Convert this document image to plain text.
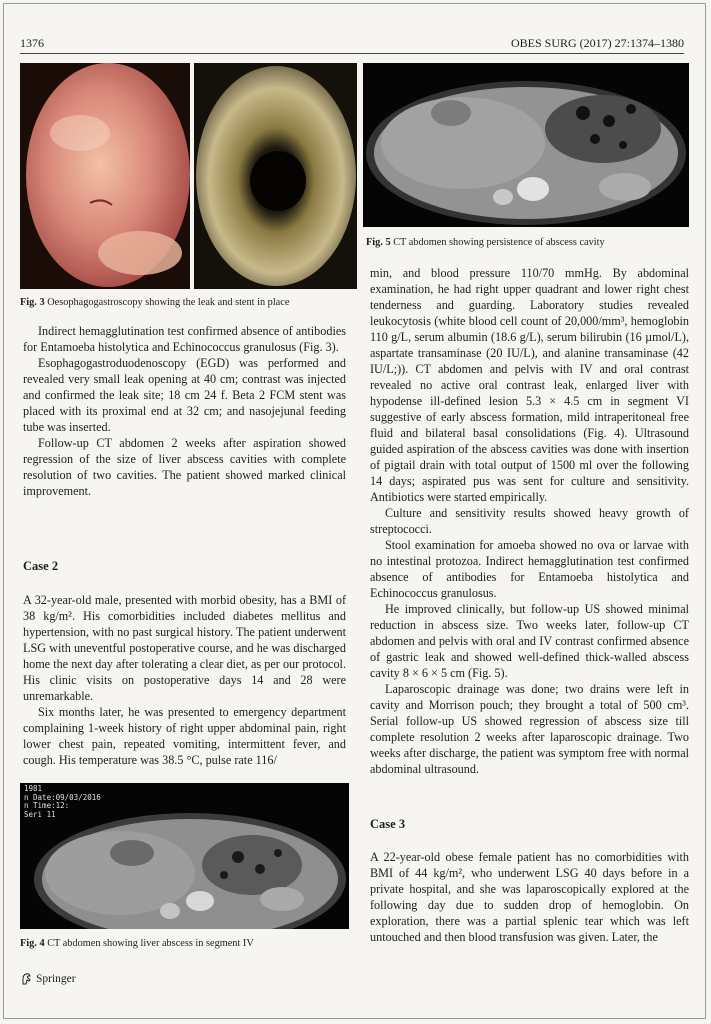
1376	OBES SURG (2017) 27:1374–1380
Fig. 3 Oesophagogastroscopy showing the leak and stent in place

Indirect hemagglutination test confirmed absence of antibodies for Entamoeba histolytica and Echinococcus granulosus (Fig. 3).

Esophagogastroduodenoscopy (EGD) was performed and revealed very small leak opening at 40 cm; contrast was injected and confirmed the leak site; 18 cm 24 f. Beta 2 FCM stent was placed with its proximal end at 32 cm; and nasojejunal feeding tube was inserted.

Follow-up CT abdomen 2 weeks after aspiration showed regression of the size of liver abscess cavities with complete resolution of two cavities. The patient showed marked clinical improvement.

Case 2

A 32-year-old male, presented with morbid obesity, has a BMI of 38 kg/m². His comorbidities included diabetes mellitus and hypertension, with no past surgical history. The patient underwent LSG with uneventful postoperative course, and he was discharged home the next day after tolerating a clear diet, as per our protocol. His clinic visits on postoperative days 14 and 28 were unremarkable.

Six months later, he was presented to emergency department complaining 1-week history of right upper abdominal pain, right lower chest pain, repeated vomiting, intermittent fever, and cough. His temperature was 38.5 °C, pulse rate 116/

1981
n Date:09/03/2016
n Time:12:
Seri 11
Fig. 4 CT abdomen showing liver abscess in segment IV
Fig. 5 CT abdomen showing persistence of abscess cavity

min, and blood pressure 110/70 mmHg. By abdominal examination, he had right upper quadrant and lower right chest tenderness and guarding. Laboratory studies revealed leukocytosis (white blood cell count of 20,000/mm³, hemoglobin 110 g/L, serum albumin (18.6 g/L), serum bilirubin (16 µmol/L), aspartate transaminase (20 IU/L), and alanine transaminase (42 IU/L;)). CT abdomen and pelvis with IV and oral contrast revealed no active oral contrast leak, enlarged liver with hypodense ill-defined lesion 5.3 × 4.5 cm in segment VI suggestive of early abscess formation, mild intraperitoneal free fluid and bilateral basal consolidations (Fig. 4). Ultrasound guided aspiration of the abscess cavities was done with insertion of pigtail drain with total output of 1500 ml over the following 14 days; aspirated pus was sent for culture and sensitivity. Antibiotics were started empirically.

Culture and sensitivity results showed heavy growth of streptococci.

Stool examination for amoeba showed no ova or larvae with no intestinal protozoa. Indirect hemagglutination test confirmed absence of antibodies for Entamoeba histolytica and Echinococcus granulosus.

He improved clinically, but follow-up US showed minimal reduction in abscess size. Two weeks later, follow-up CT abdomen and pelvis with oral and IV contrast confirmed absence of gastric leak and showed well-defined thick-walled abscess cavity 8 × 6 × 5 cm (Fig. 5).

Laparoscopic drainage was done; two drains were left in cavity and Morrison pouch; they brought a total of 500 cm³. Serial follow-up US showed regression of abscess size till complete resolution 2 weeks after laparoscopic drainage. Two weeks after discharge, the patient was symptom free with normal abdominal ultrasound.

Case 3

A 22-year-old obese female patient has no comorbidities with BMI of 44 kg/m², who underwent LSG 40 days before in a private hospital, and she was laparoscopically explored at the following day due to sudden drop of hemoglobin. On exploration, there was a partial splenic tear which was left untouched and then blood transfusion was given. Later, the

Springer
